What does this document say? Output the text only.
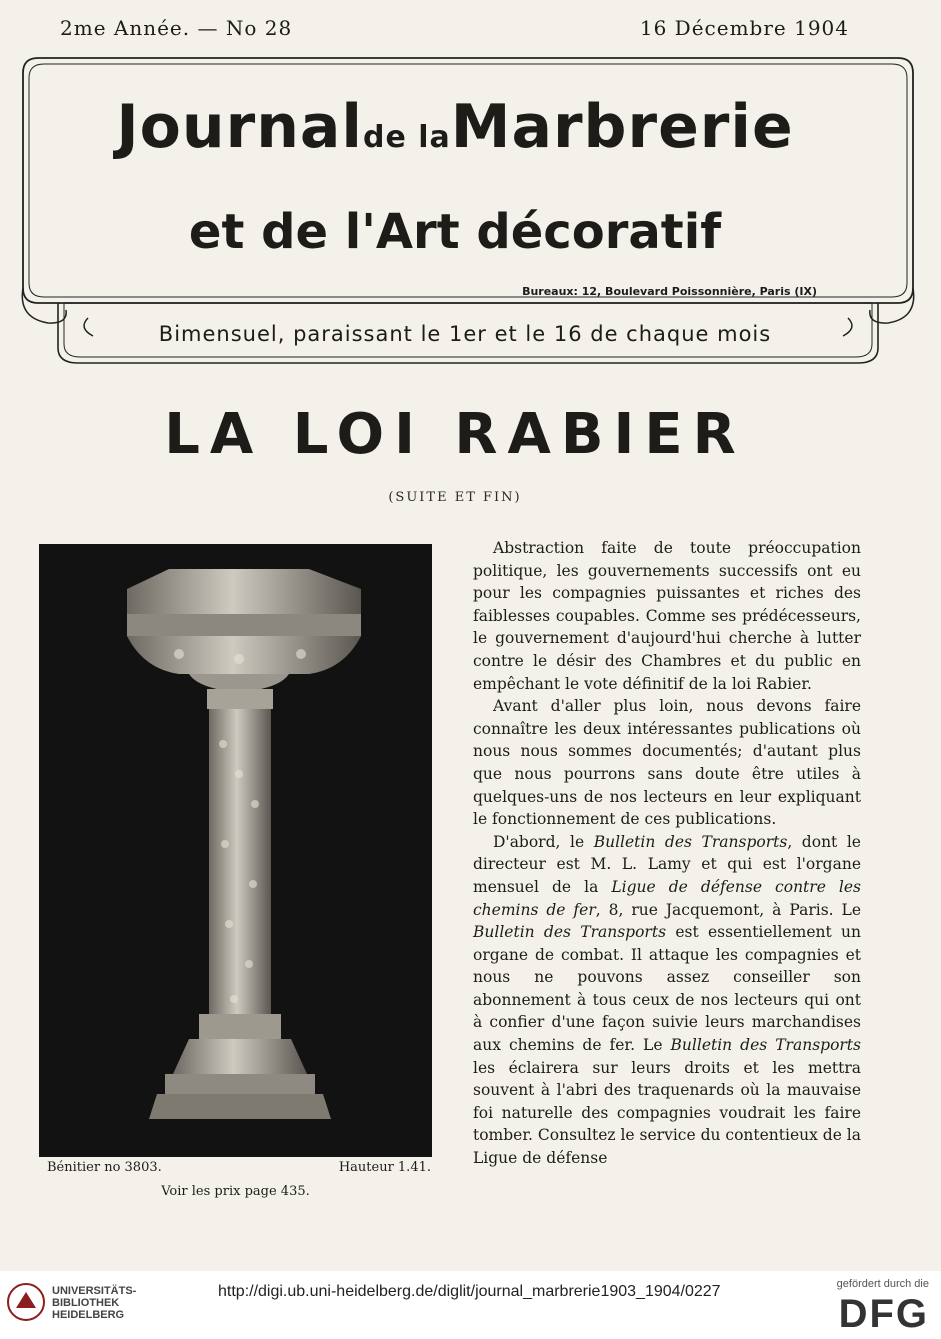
2me Année. — No 28	16 Décembre 1904
Journalde laMarbrerie
et de l'Art décoratif
Bureaux: 12, Boulevard Poissonnière, Paris (IX)
Bimensuel, paraissant le 1er et le 16 de chaque mois
LA LOI RABIER
(SUITE ET FIN)
Bénitier no 3803.	Hauteur 1.41.
Voir les prix page 435.

Abstraction faite de toute préoccupation politique, les gouvernements successifs ont eu pour les compagnies puissantes et riches des faiblesses coupables. Comme ses prédécesseurs, le gouvernement d'aujourd'hui cherche à lutter contre le désir des Chambres et du public en empêchant le vote définitif de la loi Rabier.

Avant d'aller plus loin, nous devons faire connaître les deux intéressantes publications où nous nous sommes documentés; d'autant plus que nous pourrons sans doute être utiles à quelques-uns de nos lecteurs en leur expliquant le fonctionnement de ces publications.

D'abord, le Bulletin des Transports, dont le directeur est M. L. Lamy et qui est l'organe mensuel de la Ligue de défense contre les chemins de fer, 8, rue Jacquemont, à Paris. Le Bulletin des Transports est essentiellement un organe de combat. Il attaque les compagnies et nous ne pouvons assez conseiller son abonnement à tous ceux de nos lecteurs qui ont à confier d'une façon suivie leurs marchandises aux chemins de fer. Le Bulletin des Transports les éclairera sur leurs droits et les mettra souvent à l'abri des traquenards où la mauvaise foi naturelle des compagnies voudrait les faire tomber. Consultez le service du contentieux de la Ligue de défense

UNIVERSITÄTS-
BIBLIOTHEK
HEIDELBERG
http://digi.ub.uni-heidelberg.de/diglit/journal_marbrerie1903_1904/0227	gefördert durch die
DFG
